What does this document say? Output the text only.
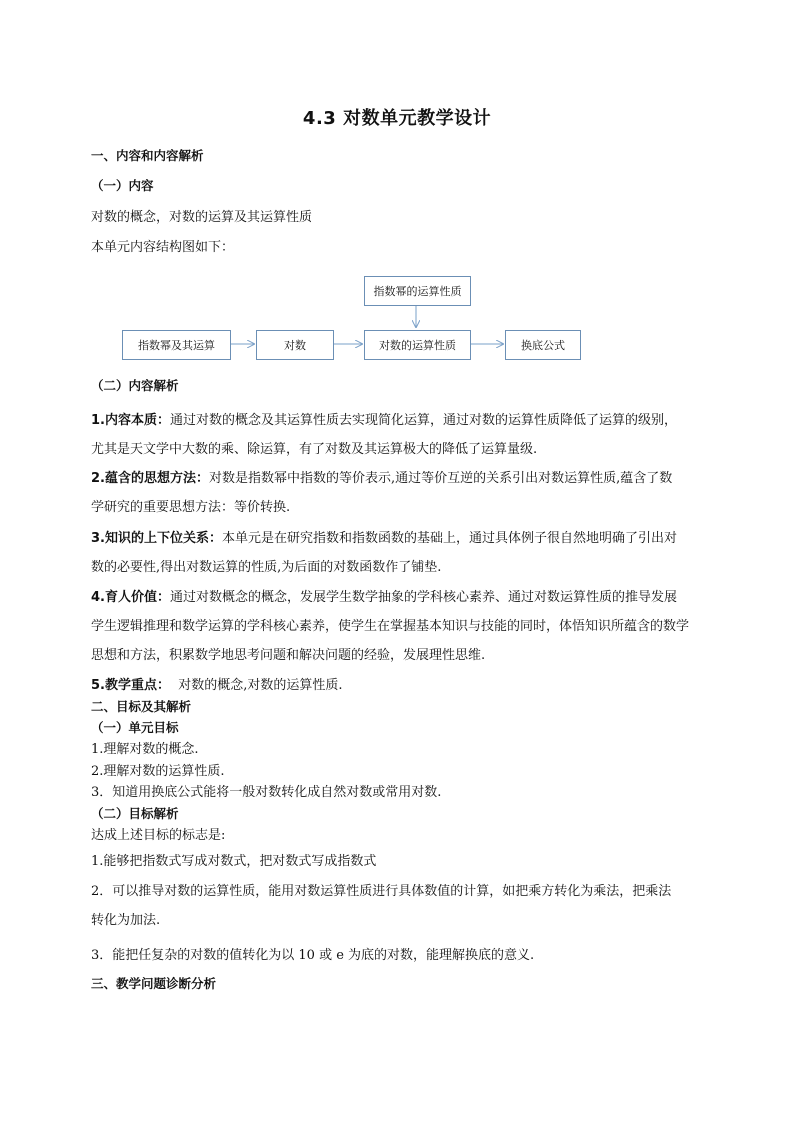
4.3 对数单元教学设计
一、内容和内容解析
（一）内容
对数的概念，对数的运算及其运算性质
本单元内容结构图如下：
指数幂的运算性质
指数幂及其运算	对数	对数的运算性质	换底公式
（二）内容解析
1.内容本质：通过对数的概念及其运算性质去实现简化运算，通过对数的运算性质降低了运算的级别，
尤其是天文学中大数的乘、除运算，有了对数及其运算极大的降低了运算量级.
2.蕴含的思想方法：对数是指数幂中指数的等价表示,通过等价互逆的关系引出对数运算性质,蕴含了数
学研究的重要思想方法：等价转换.
3.知识的上下位关系：本单元是在研究指数和指数函数的基础上，通过具体例子很自然地明确了引出对
数的必要性,得出对数运算的性质,为后面的对数函数作了铺垫.
4.育人价值：通过对数概念的概念，发展学生数学抽象的学科核心素养、通过对数运算性质的推导发展
学生逻辑推理和数学运算的学科核心素养，使学生在掌握基本知识与技能的同时，体悟知识所蕴含的数学
思想和方法，积累数学地思考问题和解决问题的经验，发展理性思维.
5.教学重点：  对数的概念,对数的运算性质.
二、目标及其解析
（一）单元目标
1.理解对数的概念.
2.理解对数的运算性质.
3．知道用换底公式能将一般对数转化成自然对数或常用对数.
（二）目标解析
达成上述目标的标志是:
1.能够把指数式写成对数式，把对数式写成指数式
2．可以推导对数的运算性质，能用对数运算性质进行具体数值的计算，如把乘方转化为乘法，把乘法
转化为加法.
3．能把任复杂的对数的值转化为以 10 或 e 为底的对数，能理解换底的意义.
三、教学问题诊断分析
